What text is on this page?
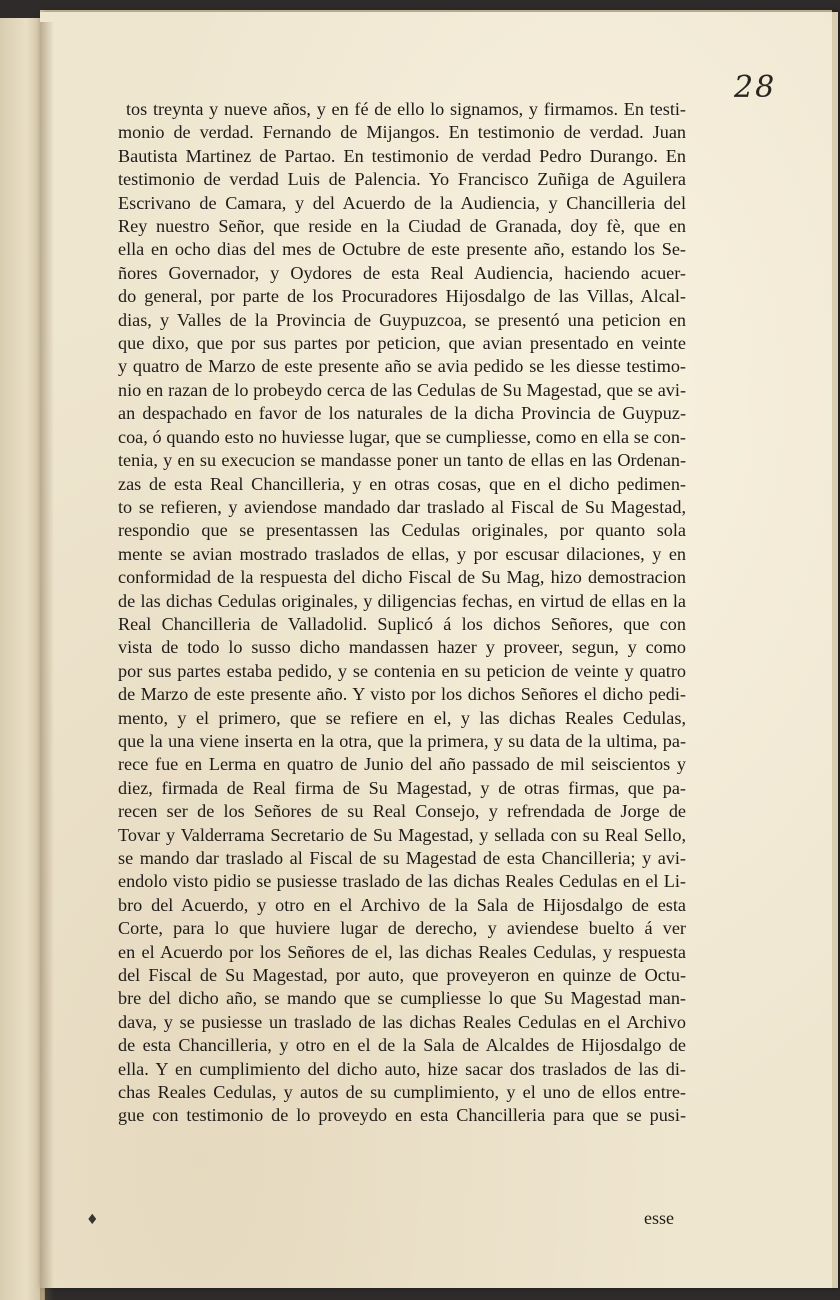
28
tos treynta y nueve años, y en fé de ello lo signamos, y firmamos. En testi-
monio de verdad. Fernando de Mijangos. En testimonio de verdad. Juan
Bautista Martinez de Partao. En testimonio de verdad Pedro Durango. En
testimonio de verdad Luis de Palencia. Yo Francisco Zuñiga de Aguilera
Escrivano de Camara, y del Acuerdo de la Audiencia, y Chancilleria del
Rey nuestro Señor, que reside en la Ciudad de Granada, doy fè, que en
ella en ocho dias del mes de Octubre de este presente año, estando los Se-
ñores Governador, y Oydores de esta Real Audiencia, haciendo acuer-
do general, por parte de los Procuradores Hijosdalgo de las Villas, Alcal-
dias, y Valles de la Provincia de Guypuzcoa, se presentó una peticion en
que dixo, que por sus partes por peticion, que avian presentado en veinte
y quatro de Marzo de este presente año se avia pedido se les diesse testimo-
nio en razan de lo probeydo cerca de las Cedulas de Su Magestad, que se avi-
an despachado en favor de los naturales de la dicha Provincia de Guypuz-
coa, ó quando esto no huviesse lugar, que se cumpliesse, como en ella se con-
tenia, y en su execucion se mandasse poner un tanto de ellas en las Ordenan-
zas de esta Real Chancilleria, y en otras cosas, que en el dicho pedimen-
to se refieren, y aviendose mandado dar traslado al Fiscal de Su Magestad,
respondio que se presentassen las Cedulas originales, por quanto sola
mente se avian mostrado traslados de ellas, y por escusar dilaciones, y en
conformidad de la respuesta del dicho Fiscal de Su Mag, hizo demostracion
de las dichas Cedulas originales, y diligencias fechas, en virtud de ellas en la
Real Chancilleria de Valladolid. Suplicó á los dichos Señores, que con
vista de todo lo susso dicho mandassen hazer y proveer, segun, y como
por sus partes estaba pedido, y se contenia en su peticion de veinte y quatro
de Marzo de este presente año. Y visto por los dichos Señores el dicho pedi-
mento, y el primero, que se refiere en el, y las dichas Reales Cedulas,
que la una viene inserta en la otra, que la primera, y su data de la ultima, pa-
rece fue en Lerma en quatro de Junio del año passado de mil seiscientos y
diez, firmada de Real firma de Su Magestad, y de otras firmas, que pa-
recen ser de los Señores de su Real Consejo, y refrendada de Jorge de
Tovar y Valderrama Secretario de Su Magestad, y sellada con su Real Sello,
se mando dar traslado al Fiscal de su Magestad de esta Chancilleria; y avi-
endolo visto pidio se pusiesse traslado de las dichas Reales Cedulas en el Li-
bro del Acuerdo, y otro en el Archivo de la Sala de Hijosdalgo de esta
Corte, para lo que huviere lugar de derecho, y aviendese buelto á ver
en el Acuerdo por los Señores de el, las dichas Reales Cedulas, y respuesta
del Fiscal de Su Magestad, por auto, que proveyeron en quinze de Octu-
bre del dicho año, se mando que se cumpliesse lo que Su Magestad man-
dava, y se pusiesse un traslado de las dichas Reales Cedulas en el Archivo
de esta Chancilleria, y otro en el de la Sala de Alcaldes de Hijosdalgo de
ella. Y en cumplimiento del dicho auto, hize sacar dos traslados de las di-
chas Reales Cedulas, y autos de su cumplimiento, y el uno de ellos entre-
gue con testimonio de lo proveydo en esta Chancilleria para que se pusi-
esse
♦
